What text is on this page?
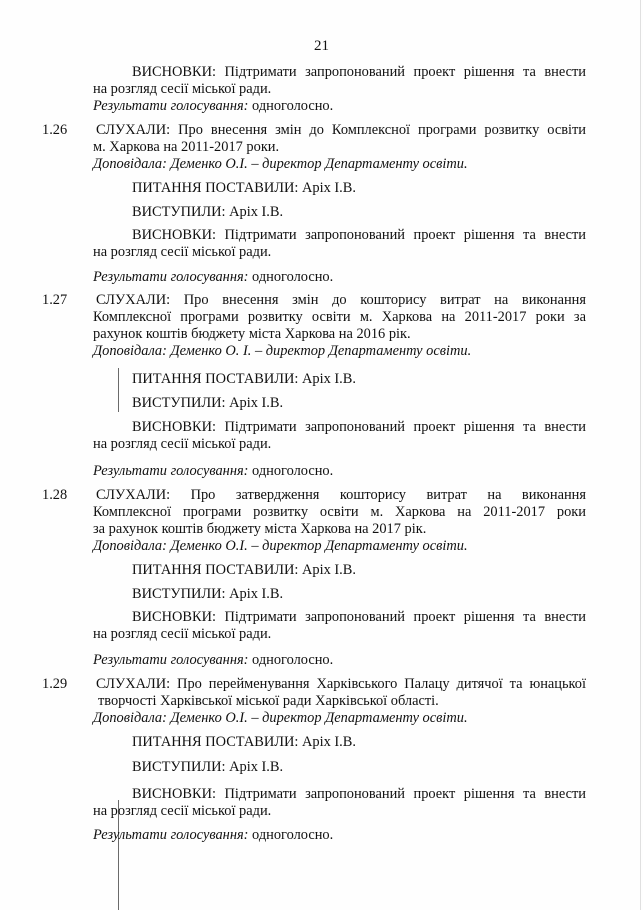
21
ВИСНОВКИ: Підтримати запропонований проект рішення та внести
на розгляд сесії міської ради.
Результати голосування: одноголосно.
1.26 СЛУХАЛИ: Про внесення змін до Комплексної програми розвитку освіти
м. Харкова на 2011-2017 роки.
Доповідала: Деменко О.І. – директор Департаменту освіти.
ПИТАННЯ ПОСТАВИЛИ: Аріх І.В.
ВИСТУПИЛИ: Аріх І.В.
ВИСНОВКИ: Підтримати запропонований проект рішення та внести
на розгляд сесії міської ради.
Результати голосування: одноголосно.
1.27 СЛУХАЛИ: Про внесення змін до кошторису витрат на виконання
Комплексної програми розвитку освіти м. Харкова на 2011-2017 роки за
рахунок коштів бюджету міста Харкова на 2016 рік.
Доповідала: Деменко О. І. – директор Департаменту освіти.
ПИТАННЯ ПОСТАВИЛИ: Аріх І.В.
ВИСТУПИЛИ: Аріх І.В.
ВИСНОВКИ: Підтримати запропонований проект рішення та внести
на розгляд сесії міської ради.
Результати голосування: одноголосно.
1.28 СЛУХАЛИ: Про затвердження кошторису витрат на виконання
Комплексної програми розвитку освіти м. Харкова на 2011-2017 роки
за рахунок коштів бюджету міста Харкова на 2017 рік.
Доповідала: Деменко О.І. – директор Департаменту освіти.
ПИТАННЯ ПОСТАВИЛИ: Аріх І.В.
ВИСТУПИЛИ: Аріх І.В.
ВИСНОВКИ: Підтримати запропонований проект рішення та внести
на розгляд сесії міської ради.
Результати голосування: одноголосно.
1.29 СЛУХАЛИ: Про перейменування Харківського Палацу дитячої та юнацької
творчості Харківської міської ради Харківської області.
Доповідала: Деменко О.І. – директор Департаменту освіти.
ПИТАННЯ ПОСТАВИЛИ: Аріх І.В.
ВИСТУПИЛИ: Аріх І.В.
ВИСНОВКИ: Підтримати запропонований проект рішення та внести
на розгляд сесії міської ради.
Результати голосування: одноголосно.
